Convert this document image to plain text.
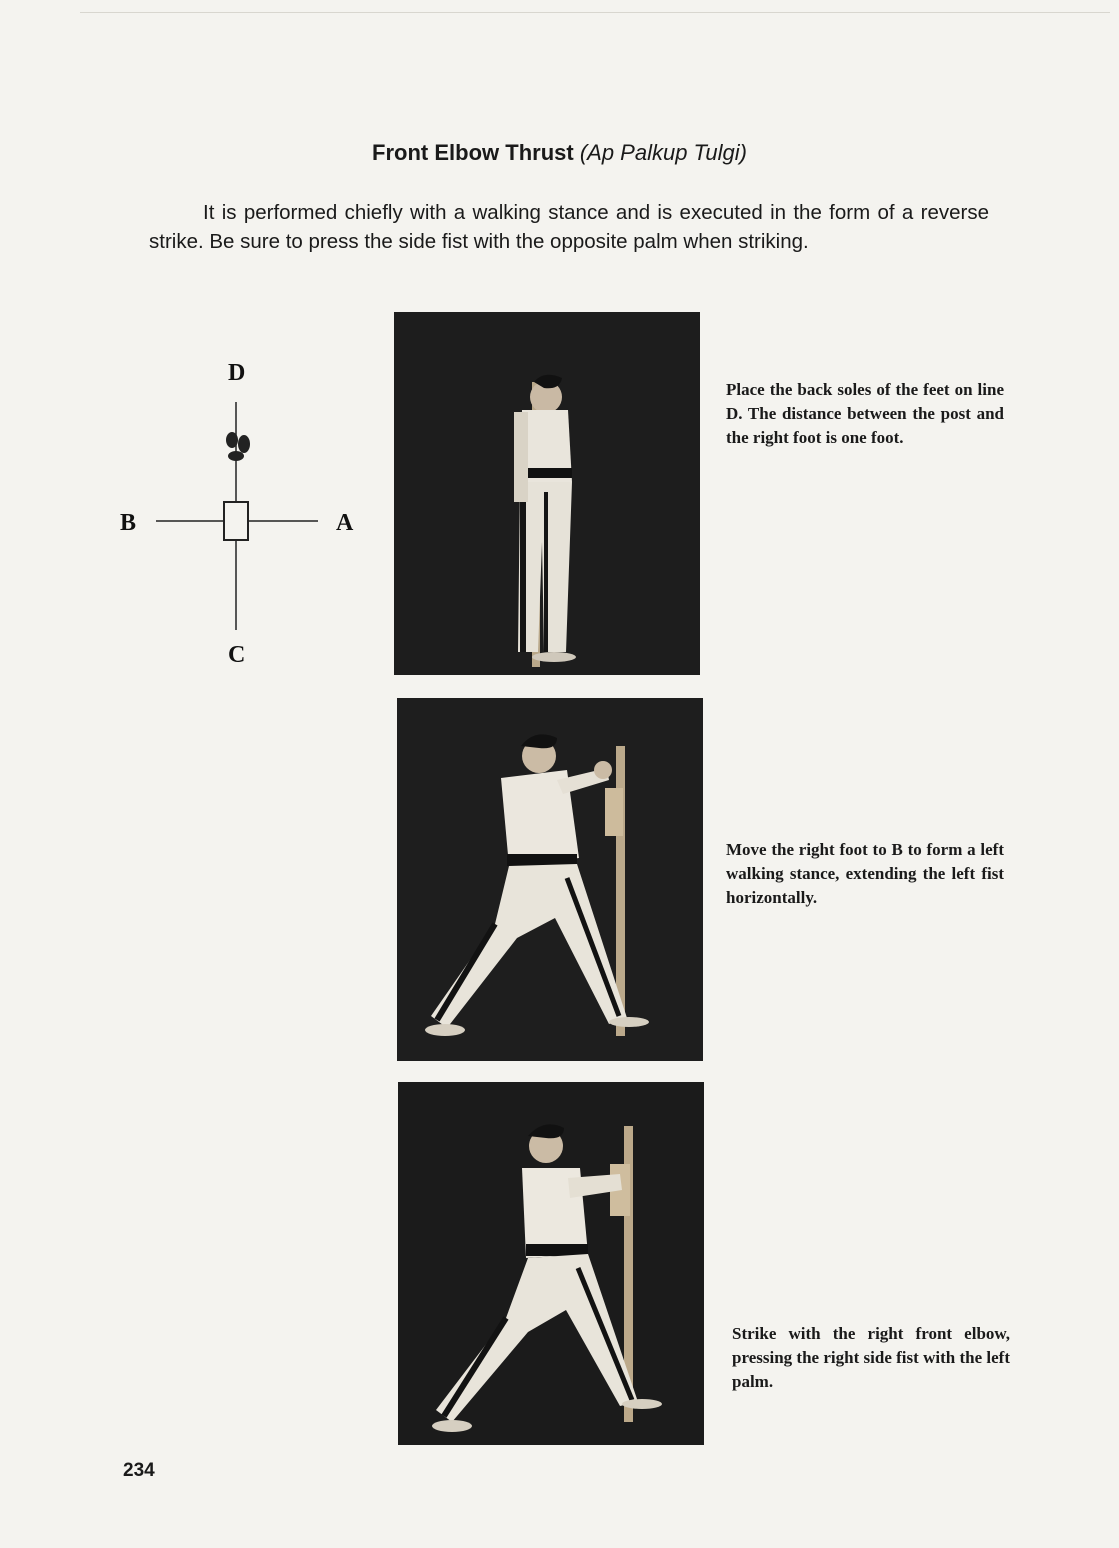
Front Elbow Thrust (Ap Palkup Tulgi)
It is performed chiefly with a walking stance and is executed in the form of a reverse strike. Be sure to press the side fist with the opposite palm when striking.
D
B	A
C
Place the back soles of the feet on line D. The distance between the post and the right foot is one foot.
Move the right foot to B to form a left walking stance, extending the left fist horizontally.
Strike with the right front elbow, pressing the right side fist with the left palm.
234
